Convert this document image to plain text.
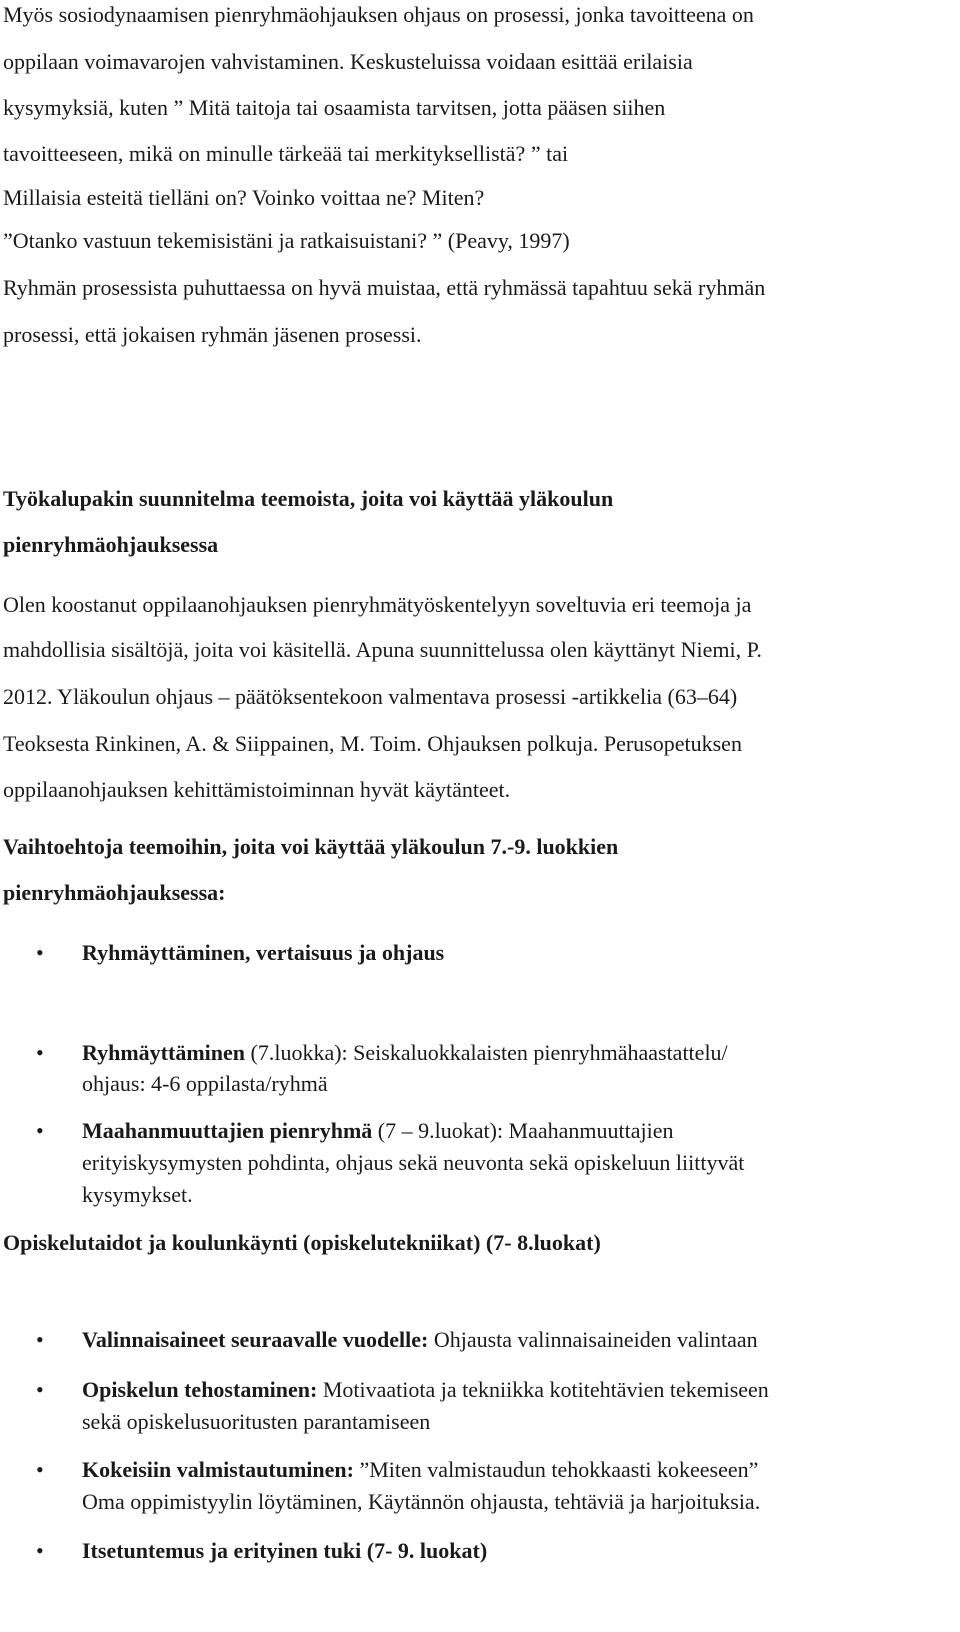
Myös sosiodynaamisen pienryhmäohjauksen ohjaus on prosessi, jonka tavoitteena on
oppilaan voimavarojen vahvistaminen. Keskusteluissa voidaan esittää erilaisia
kysymyksiä, kuten ” Mitä taitoja tai osaamista tarvitsen, jotta pääsen siihen
tavoitteeseen, mikä on minulle tärkeää tai merkityksellistä? ” tai
Millaisia esteitä tielläni on? Voinko voittaa ne? Miten?
”Otanko vastuun tekemisistäni ja ratkaisuistani? ” (Peavy, 1997)
Ryhmän prosessista puhuttaessa on hyvä muistaa, että ryhmässä tapahtuu sekä ryhmän
prosessi, että jokaisen ryhmän jäsenen prosessi.
Työkalupakin suunnitelma teemoista, joita voi käyttää yläkoulun
pienryhmäohjauksessa
Olen koostanut oppilaanohjauksen pienryhmätyöskentelyyn soveltuvia eri teemoja ja
mahdollisia sisältöjä, joita voi käsitellä. Apuna suunnittelussa olen käyttänyt Niemi, P.
2012. Yläkoulun ohjaus – päätöksentekoon valmentava prosessi -artikkelia (63–64)
Teoksesta Rinkinen, A. & Siippainen, M. Toim. Ohjauksen polkuja. Perusopetuksen
oppilaanohjauksen kehittämistoiminnan hyvät käytänteet.
Vaihtoehtoja teemoihin, joita voi käyttää yläkoulun 7.-9. luokkien
pienryhmäohjauksessa:
• Ryhmäyttäminen, vertaisuus ja ohjaus
• Ryhmäyttäminen (7.luokka): Seiskaluokkalaisten pienryhmähaastattelu/
ohjaus: 4-6 oppilasta/ryhmä
• Maahanmuuttajien pienryhmä (7 – 9.luokat): Maahanmuuttajien
erityiskysymysten pohdinta, ohjaus sekä neuvonta sekä opiskeluun liittyvät
kysymykset.
Opiskelutaidot ja koulunkäynti (opiskelutekniikat) (7- 8.luokat)
• Valinnaisaineet seuraavalle vuodelle: Ohjausta valinnaisaineiden valintaan
• Opiskelun tehostaminen: Motivaatiota ja tekniikka kotitehtävien tekemiseen
sekä opiskelusuoritusten parantamiseen
• Kokeisiin valmistautuminen: ”Miten valmistaudun tehokkaasti kokeeseen”
Oma oppimistyylin löytäminen, Käytännön ohjausta, tehtäviä ja harjoituksia.
• Itsetuntemus ja erityinen tuki (7- 9. luokat)
